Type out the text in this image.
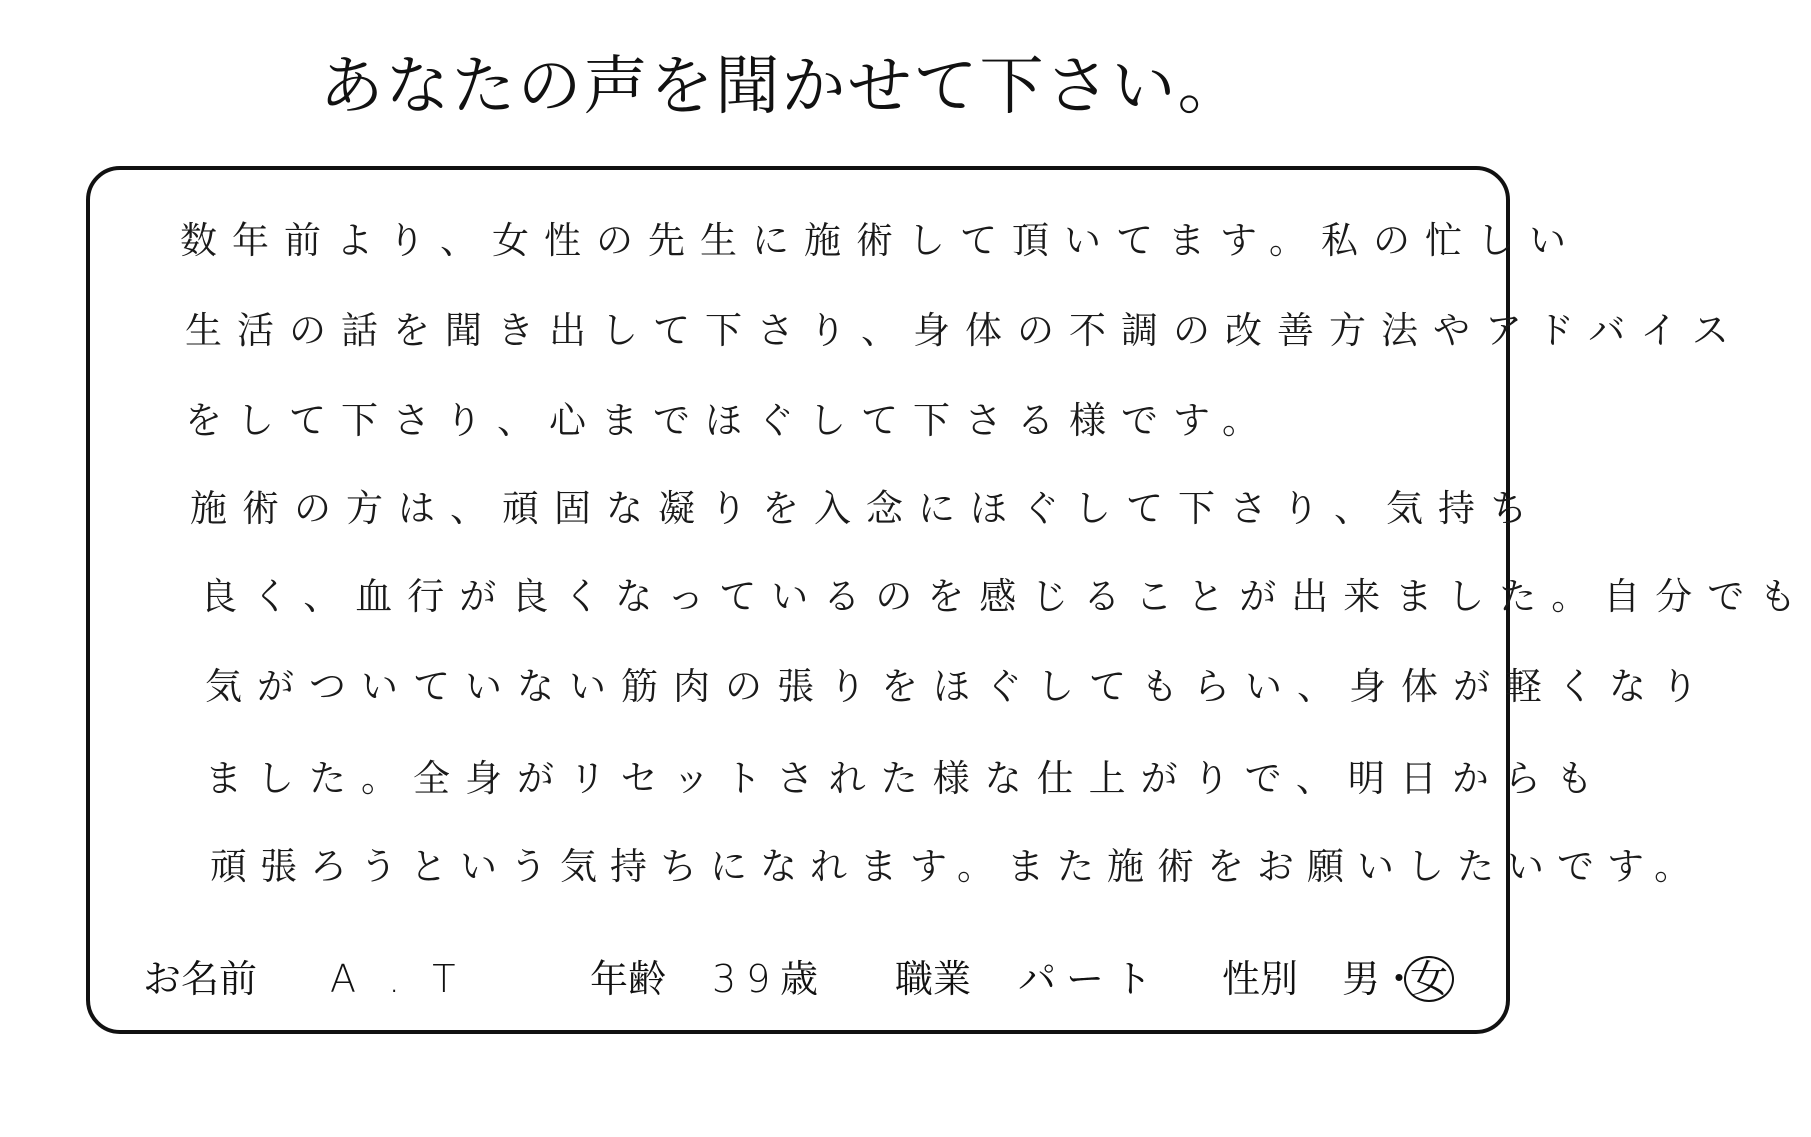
あなたの声を聞かせて下さい。
数年前より、女性の先生に施術して頂いてます。私の忙しい
生活の話を聞き出して下さり、身体の不調の改善方法やアドバイス
をして下さり、心までほぐして下さる様です。
施術の方は、頑固な凝りを入念にほぐして下さり、気持ち
良く、血行が良くなっているのを感じることが出来ました。自分でも
気がついていない筋肉の張りをほぐしてもらい、身体が軽くなり
ました。全身がリセットされた様な仕上がりで、明日からも
頑張ろうという気持ちになれます。また施術をお願いしたいです。
お名前 A . T	年齢 39 歳 職業 パート 性別 男 ・
女
